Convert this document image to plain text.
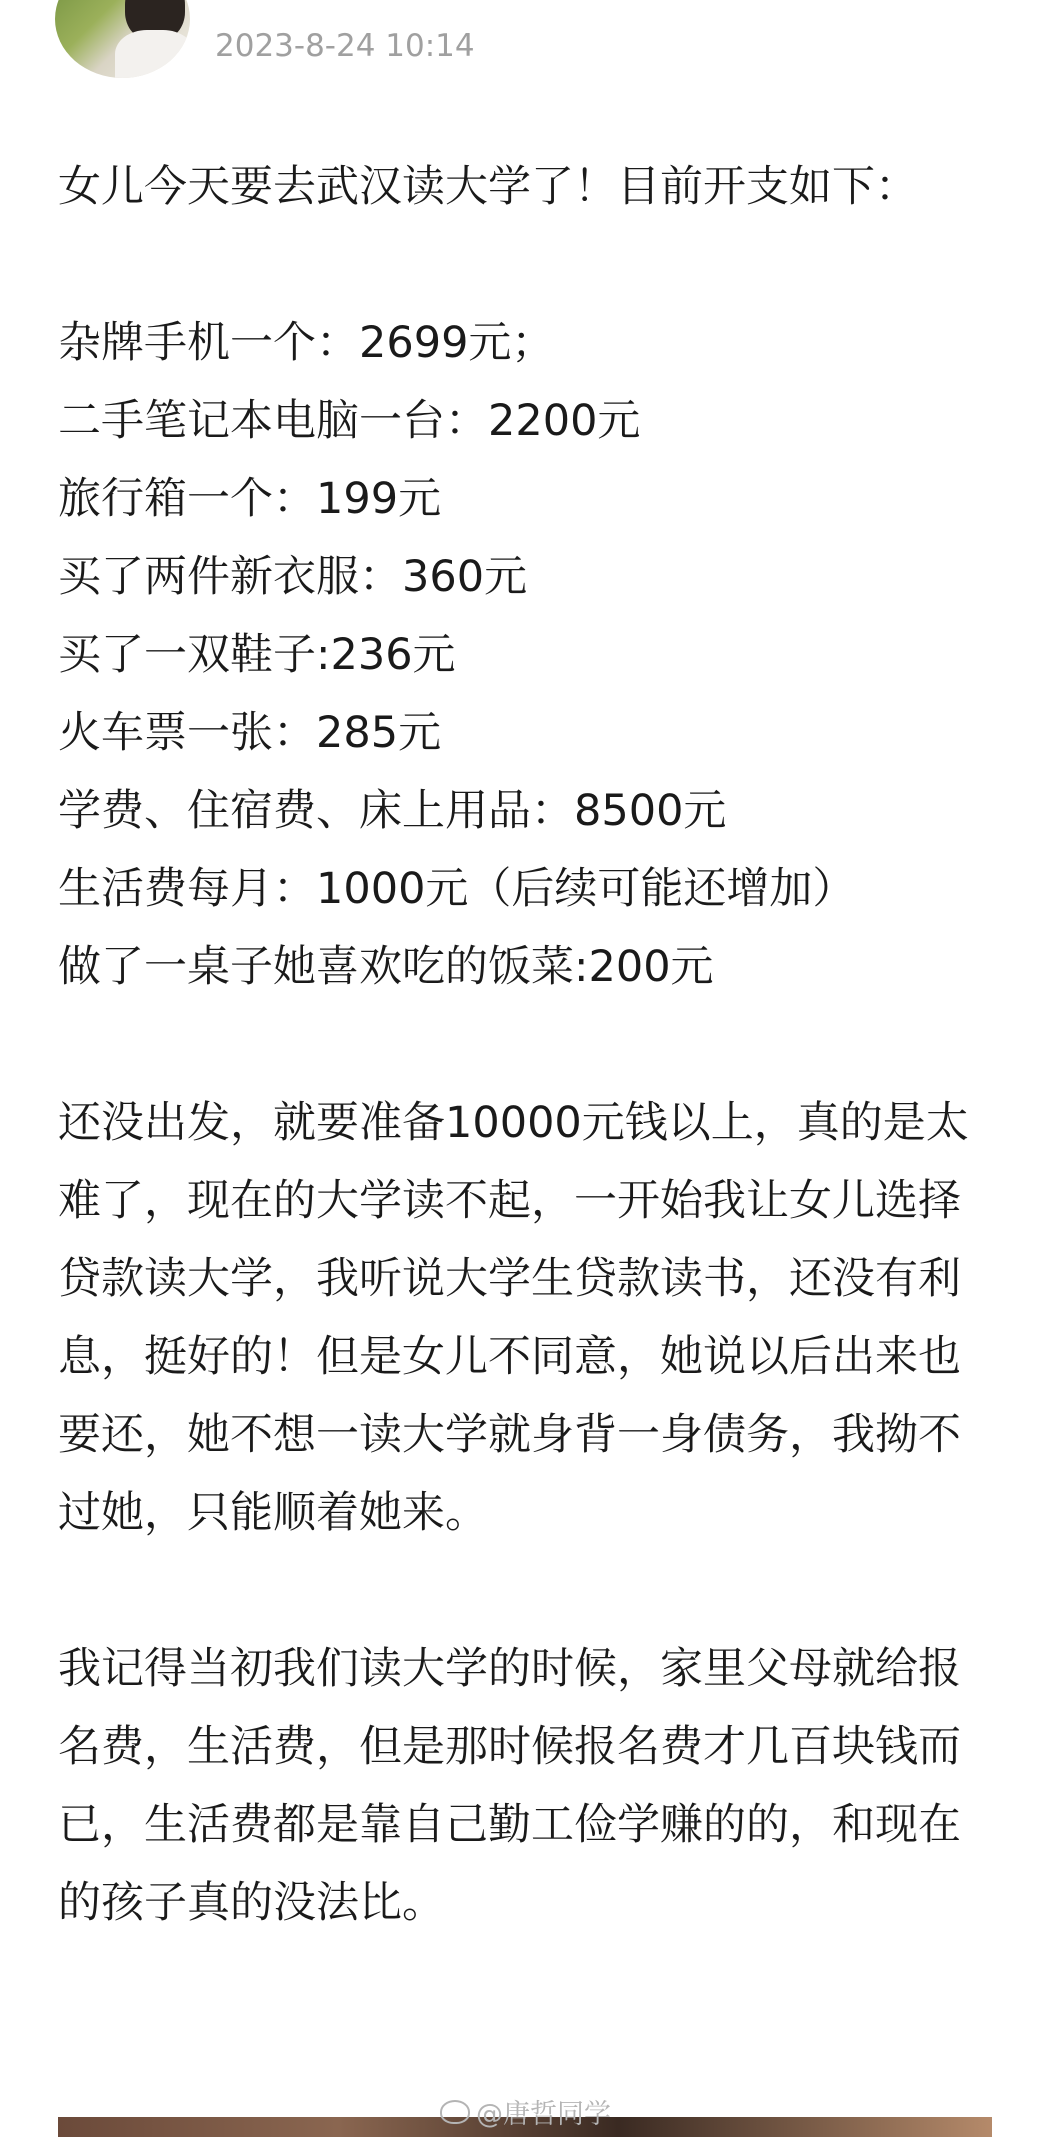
2023-8-24 10:14

女儿今天要去武汉读大学了！目前开支如下：

杂牌手机一个：2699元；

二手笔记本电脑一台：2200元

旅行箱一个：199元

买了两件新衣服：360元

买了一双鞋子:236元

火车票一张：285元

学费、住宿费、床上用品：8500元

生活费每月：1000元（后续可能还增加）

做了一桌子她喜欢吃的饭菜:200元

还没出发，就要准备10000元钱以上，真的是太难了，现在的大学读不起，一开始我让女儿选择贷款读大学，我听说大学生贷款读书，还没有利息，挺好的！但是女儿不同意，她说以后出来也要还，她不想一读大学就身背一身债务，我拗不过她，只能顺着她来。

我记得当初我们读大学的时候，家里父母就给报名费，生活费，但是那时候报名费才几百块钱而已，生活费都是靠自己勤工俭学赚的的，和现在的孩子真的没法比。

@唐哲同学
